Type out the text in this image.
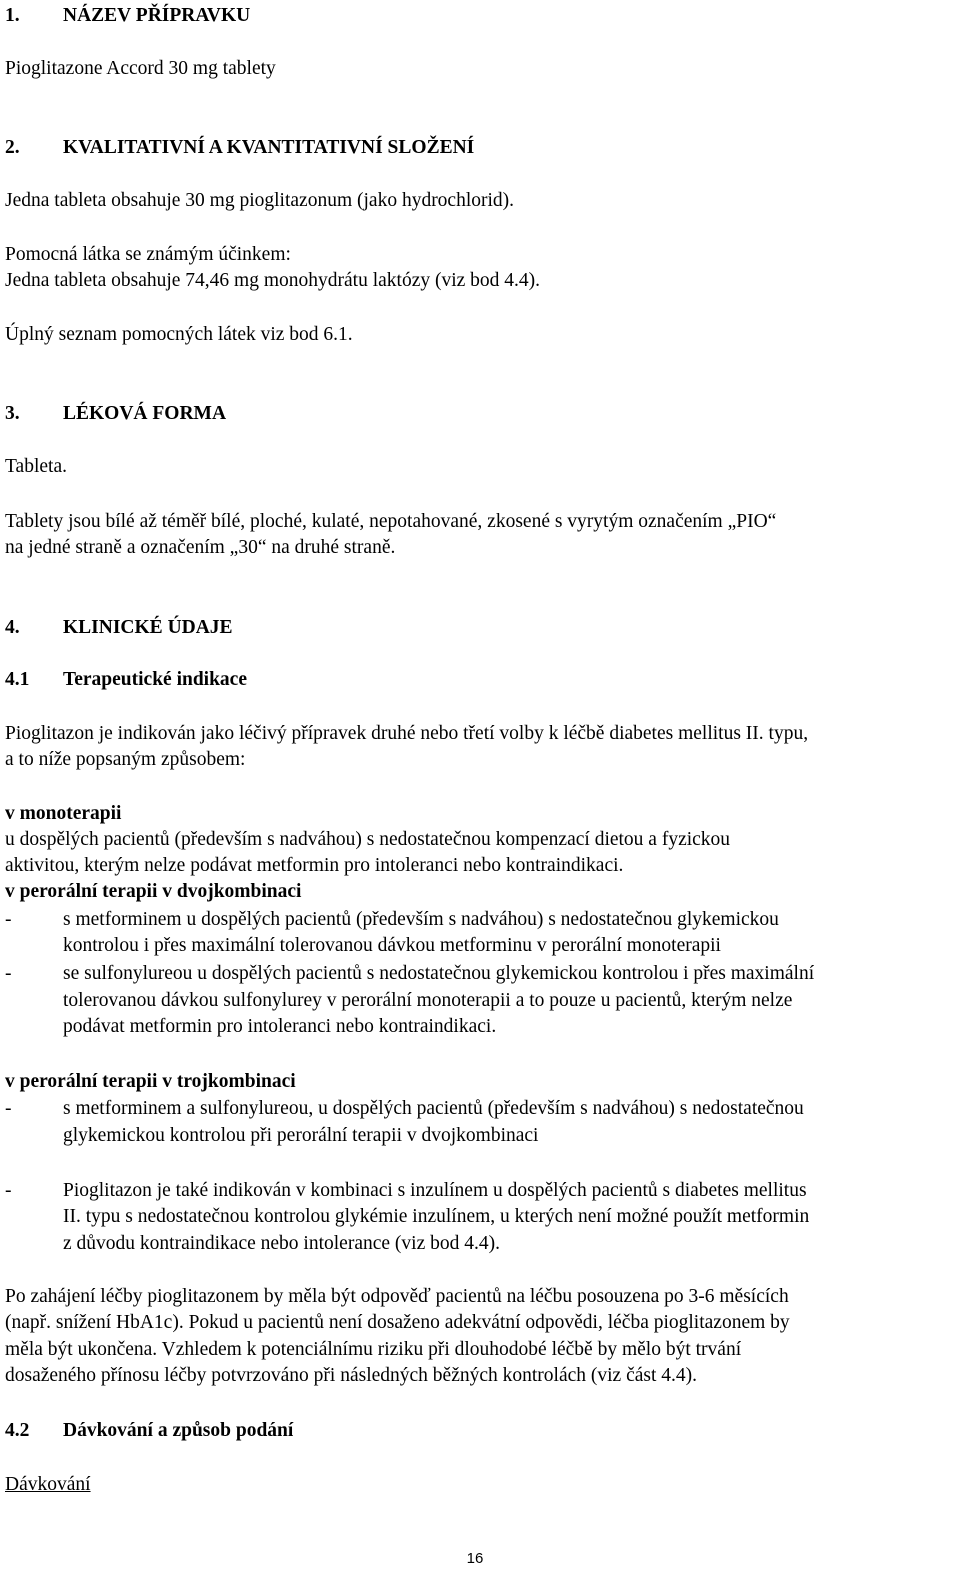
1. NÁZEV PŘÍPRAVKU

Pioglitazone Accord 30 mg tablety

2. KVALITATIVNÍ A KVANTITATIVNÍ SLOŽENÍ

Jedna tableta obsahuje 30 mg pioglitazonum (jako hydrochlorid).

Pomocná látka se známým účinkem:

Jedna tableta obsahuje 74,46 mg monohydrátu laktózy (viz bod 4.4).

Úplný seznam pomocných látek viz bod 6.1.

3. LÉKOVÁ FORMA

Tableta.

Tablety jsou bílé až téměř bílé, ploché, kulaté, nepotahované, zkosené s vyrytým označením „PIO“

na jedné straně a označením „30“ na druhé straně.

4. KLINICKÉ ÚDAJE
4.1 Terapeutické indikace

Pioglitazon je indikován jako léčivý přípravek druhé nebo třetí volby k léčbě diabetes mellitus II. typu,

a to níže popsaným způsobem:

v monoterapii

u dospělých pacientů (především s nadváhou) s nedostatečnou kompenzací dietou a fyzickou

aktivitou, kterým nelze podávat metformin pro intoleranci nebo kontraindikaci.

v perorální terapii v dvojkombinaci

-	s metforminem u dospělých pacientů (především s nadváhou) s nedostatečnou glykemickou
kontrolou i přes maximální tolerovanou dávkou metforminu v perorální monoterapii
-	se sulfonylureou u dospělých pacientů s nedostatečnou glykemickou kontrolou i přes maximální
tolerovanou dávkou sulfonylurey v perorální monoterapii a to pouze u pacientů, kterým nelze
podávat metformin pro intoleranci nebo kontraindikaci.

v perorální terapii v trojkombinaci

-	s metforminem a sulfonylureou, u dospělých pacientů (především s nadváhou) s nedostatečnou
glykemickou kontrolou při perorální terapii v dvojkombinaci
-	Pioglitazon je také indikován v kombinaci s inzulínem u dospělých pacientů s diabetes mellitus
II. typu s nedostatečnou kontrolou glykémie inzulínem, u kterých není možné použít metformin
z důvodu kontraindikace nebo intolerance (viz bod 4.4).

Po zahájení léčby pioglitazonem by měla být odpověď pacientů na léčbu posouzena po 3-6 měsících

(např. snížení HbA1c). Pokud u pacientů není dosaženo adekvátní odpovědi, léčba pioglitazonem by

měla být ukončena. Vzhledem k potenciálnímu riziku při dlouhodobé léčbě by mělo být trvání

dosaženého přínosu léčby potvrzováno při následných běžných kontrolách (viz část 4.4).

4.2 Dávkování a způsob podání

Dávkování

16
